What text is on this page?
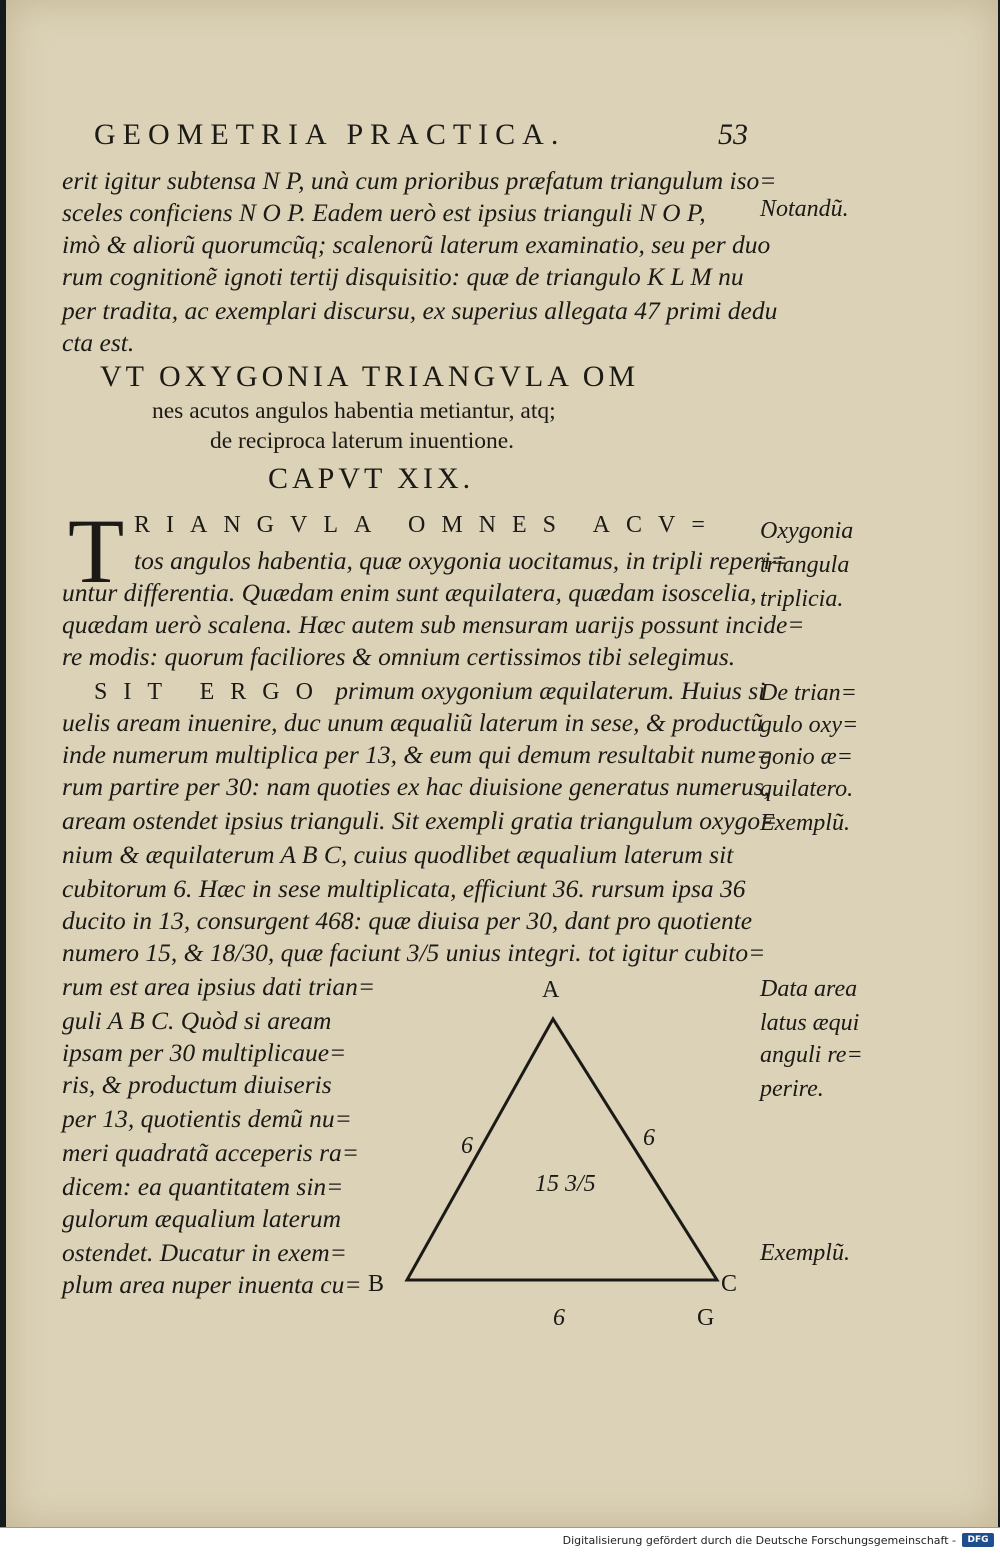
GEOMETRIA PRACTICA.	53
erit igitur subtensa N P, unà cum prioribus præfatum triangulum iso=
sceles conficiens N O P. Eadem uerò est ipsius trianguli N O P,
imò & aliorũ quorumcũq; scalenorũ laterum examinatio, seu per duo
rum cognitionẽ ignoti tertij disquisitio: quæ de triangulo K L M nu
per tradita, ac exemplari discursu, ex superius allegata 47 primi dedu
cta est.
VT OXYGONIA TRIANGVLA OM
nes acutos angulos habentia metiantur, atq;
de reciproca laterum inuentione.
CAPVT XIX.
T RIANGVLA OMNES ACV=
tos angulos habentia, quæ oxygonia uocitamus, in tripli reperi=
untur differentia. Quædam enim sunt æquilatera, quædam isoscelia,
quædam uerò scalena. Hæc autem sub mensuram uarijs possunt incide=
re modis: quorum faciliores & omnium certissimos tibi selegimus.
SIT ERGO primum oxygonium æquilaterum. Huius si
uelis aream inuenire, duc unum æqualiũ laterum in sese, & productũ
inde numerum multiplica per 13, & eum qui demum resultabit nume=
rum partire per 30: nam quoties ex hac diuisione generatus numerus,
aream ostendet ipsius trianguli. Sit exempli gratia triangulum oxygo=
nium & æquilaterum A B C, cuius quodlibet æqualium laterum sit
cubitorum 6. Hæc in sese multiplicata, efficiunt 36. rursum ipsa 36
ducito in 13, consurgent 468: quæ diuisa per 30, dant pro quotiente
numero 15, & 18/30, quæ faciunt 3/5 unius integri. tot igitur cubito=
rum est area ipsius dati trian=
guli A B C. Quòd si aream
ipsam per 30 multiplicaue=
ris, & productum diuiseris
per 13, quotientis demũ nu=
meri quadratã acceperis ra=
dicem: ea quantitatem sin=
gulorum æqualium laterum
ostendet. Ducatur in exem=
plum area nuper inuenta cu=
Notandũ.
Oxygonia
triangula
triplicia.
De trian=
gulo oxy=
gonio æ=
quilatero.
Exemplũ.
Data area
latus æqui
anguli re=
perire.
Exemplũ.
A
B	C
6	6
6	G
15 3/5
Digitalisierung gefördert durch die Deutsche Forschungsgemeinschaft -	DFG
